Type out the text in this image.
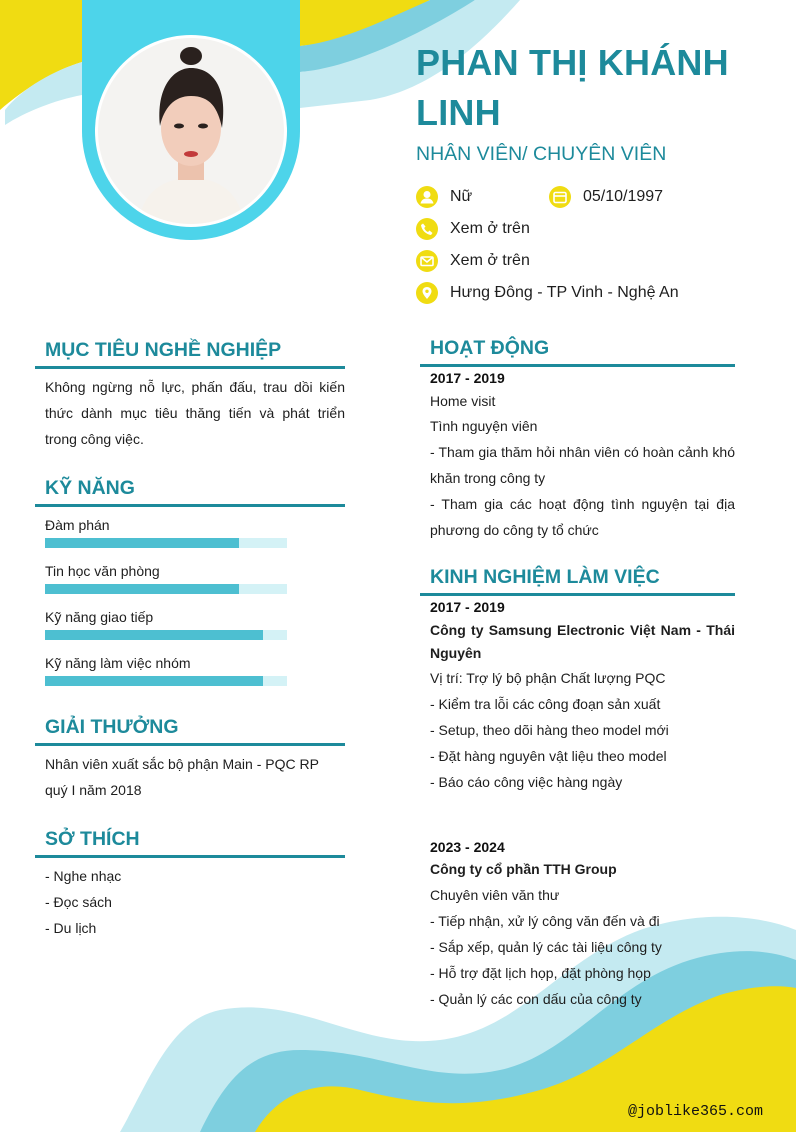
PHAN THỊ KHÁNH LINH
NHÂN VIÊN/ CHUYÊN VIÊN
Nữ	05/10/1997
Xem ở trên
Xem ở trên
Hưng Đông - TP Vinh - Nghệ An
MỤC TIÊU NGHỀ NGHIỆP
Không ngừng nỗ lực, phấn đấu, trau dồi kiến thức dành mục tiêu thăng tiến và phát triển trong công việc.
KỸ NĂNG
Đàm phán
Tin học văn phòng
Kỹ năng giao tiếp
Kỹ năng làm việc nhóm
GIẢI THƯỞNG
Nhân viên xuất sắc bộ phận Main - PQC RP quý I năm 2018
SỞ THÍCH
- Nghe nhạc
- Đọc sách
- Du lịch
HOẠT ĐỘNG
2017 - 2019
Home visit
Tình nguyện viên
- Tham gia thăm hỏi nhân viên có hoàn cảnh khó khăn trong công ty
- Tham gia các hoạt động tình nguyện tại địa phương do công ty tổ chức
KINH NGHIỆM LÀM VIỆC
2017 - 2019
Công ty Samsung Electronic Việt Nam - Thái Nguyên
Vị trí: Trợ lý bộ phận Chất lượng PQC
- Kiểm tra lỗi các công đoạn sản xuất
- Setup, theo dõi hàng theo model mới
- Đặt hàng nguyên vật liệu theo model
- Báo cáo công việc hàng ngày
2023 - 2024
Công ty cổ phần TTH Group
Chuyên viên văn thư
- Tiếp nhận, xử lý công văn đến và đi
- Sắp xếp, quản lý các tài liệu công ty
- Hỗ trợ đặt lịch họp, đặt phòng họp
- Quản lý các con dấu của công ty
@joblike365.com
